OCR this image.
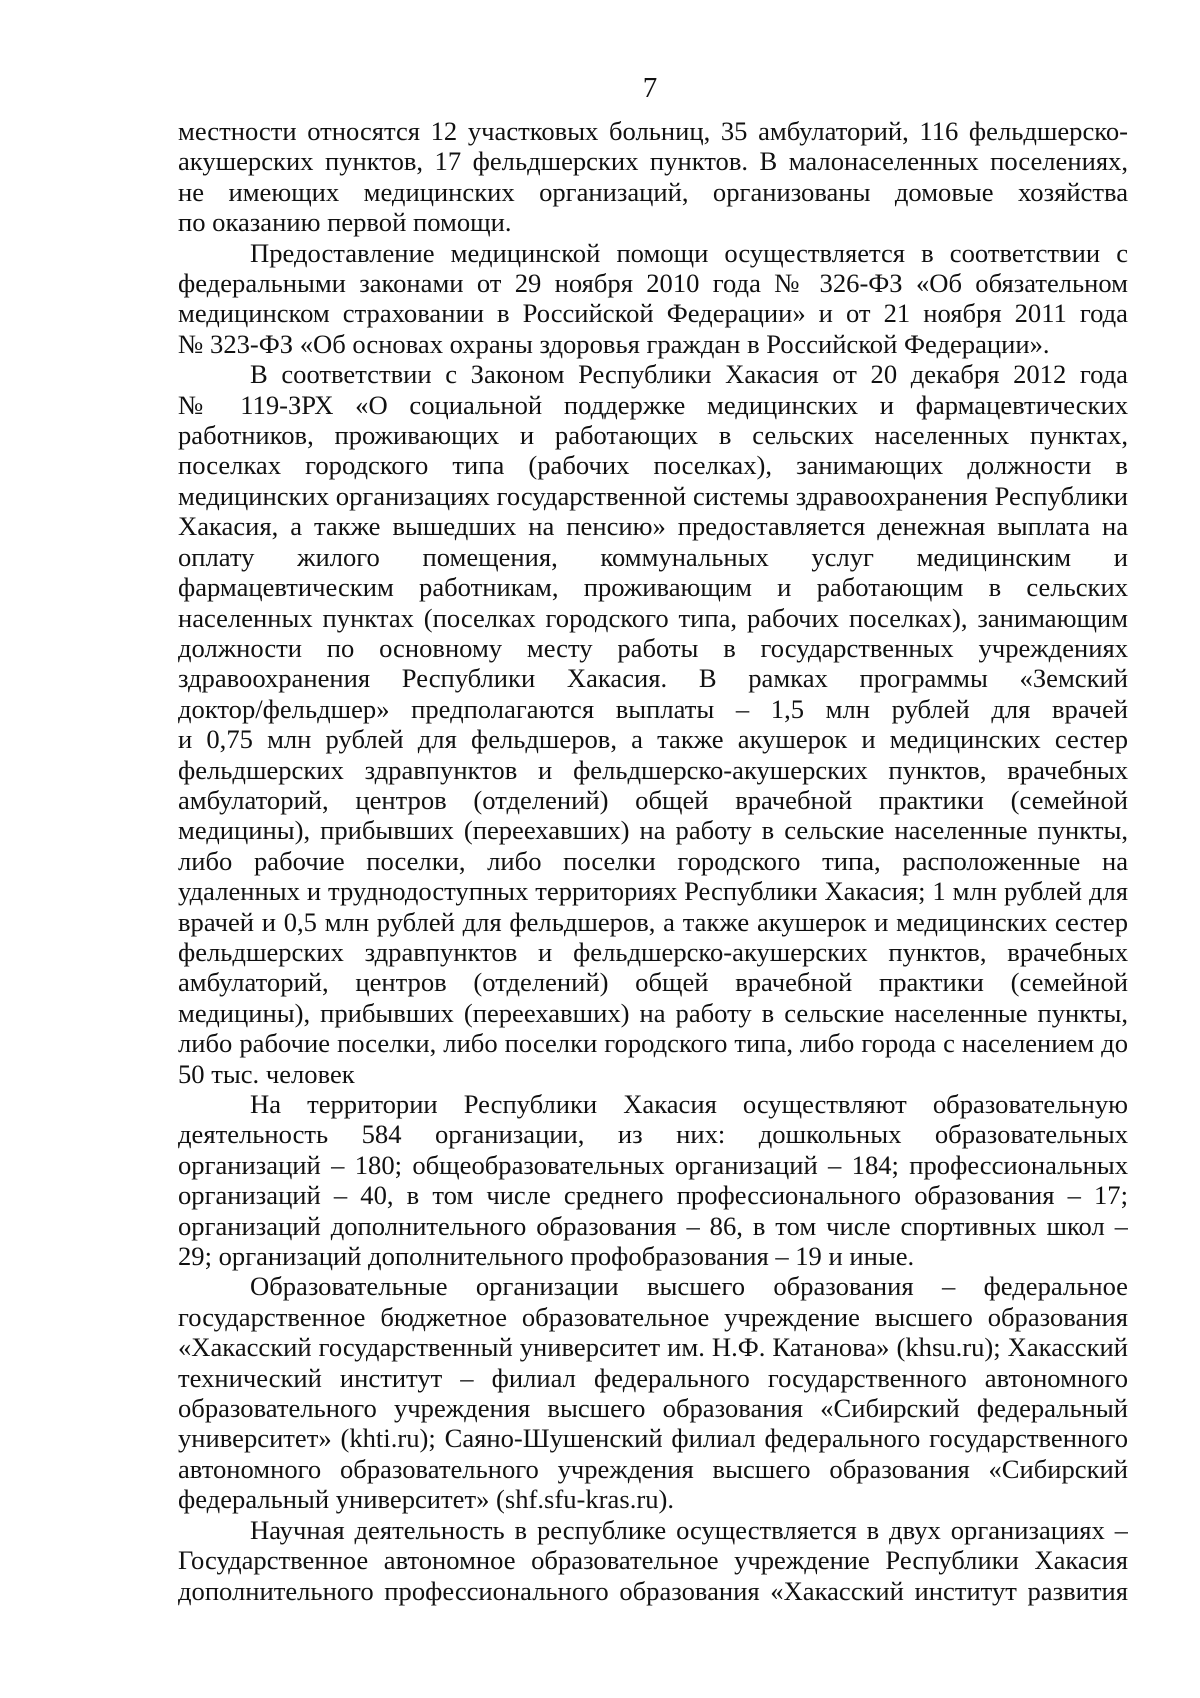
7
местности относятся 12 участковых больниц, 35 амбулаторий, 116 фельдшерско-
акушерских пунктов, 17 фельдшерских пунктов. В малонаселенных поселениях,
не имеющих медицинских организаций, организованы домовые хозяйства
по оказанию первой помощи.
Предоставление медицинской помощи осуществляется в соответствии с
федеральными законами от 29 ноября 2010 года № 326-ФЗ «Об обязательном
медицинском страховании в Российской Федерации» и от 21 ноября 2011 года
№ 323-ФЗ «Об основах охраны здоровья граждан в Российской Федерации».
В соответствии с Законом Республики Хакасия от 20 декабря 2012 года
№ 119-ЗРХ «О социальной поддержке медицинских и фармацевтических
работников, проживающих и работающих в сельских населенных пунктах,
поселках городского типа (рабочих поселках), занимающих должности в
медицинских организациях государственной системы здравоохранения Республики
Хакасия, а также вышедших на пенсию» предоставляется денежная выплата на
оплату жилого помещения, коммунальных услуг медицинским и
фармацевтическим работникам, проживающим и работающим в сельских
населенных пунктах (поселках городского типа, рабочих поселках), занимающим
должности по основному месту работы в государственных учреждениях
здравоохранения Республики Хакасия. В рамках программы «Земский
доктор/фельдшер» предполагаются выплаты – 1,5 млн рублей для врачей
и 0,75 млн рублей для фельдшеров, а также акушерок и медицинских сестер
фельдшерских здравпунктов и фельдшерско-акушерских пунктов, врачебных
амбулаторий, центров (отделений) общей врачебной практики (семейной
медицины), прибывших (переехавших) на работу в сельские населенные пункты,
либо рабочие поселки, либо поселки городского типа, расположенные на
удаленных и труднодоступных территориях Республики Хакасия; 1 млн рублей для
врачей и 0,5 млн рублей для фельдшеров, а также акушерок и медицинских сестер
фельдшерских здравпунктов и фельдшерско-акушерских пунктов, врачебных
амбулаторий, центров (отделений) общей врачебной практики (семейной
медицины), прибывших (переехавших) на работу в сельские населенные пункты,
либо рабочие поселки, либо поселки городского типа, либо города с населением до
50 тыс. человек
На территории Республики Хакасия осуществляют образовательную
деятельность 584 организации, из них: дошкольных образовательных
организаций – 180; общеобразовательных организаций – 184; профессиональных
организаций – 40, в том числе среднего профессионального образования – 17;
организаций дополнительного образования – 86, в том числе спортивных школ –
29; организаций дополнительного профобразования – 19 и иные.
Образовательные организации высшего образования – федеральное
государственное бюджетное образовательное учреждение высшего образования
«Хакасский государственный университет им. Н.Ф. Катанова» (khsu.ru); Хакасский
технический институт – филиал федерального государственного автономного
образовательного учреждения высшего образования «Сибирский федеральный
университет» (khti.ru); Саяно-Шушенский филиал федерального государственного
автономного образовательного учреждения высшего образования «Сибирский
федеральный университет» (shf.sfu-kras.ru).
Научная деятельность в республике осуществляется в двух организациях –
Государственное автономное образовательное учреждение Республики Хакасия
дополнительного профессионального образования «Хакасский институт развития
